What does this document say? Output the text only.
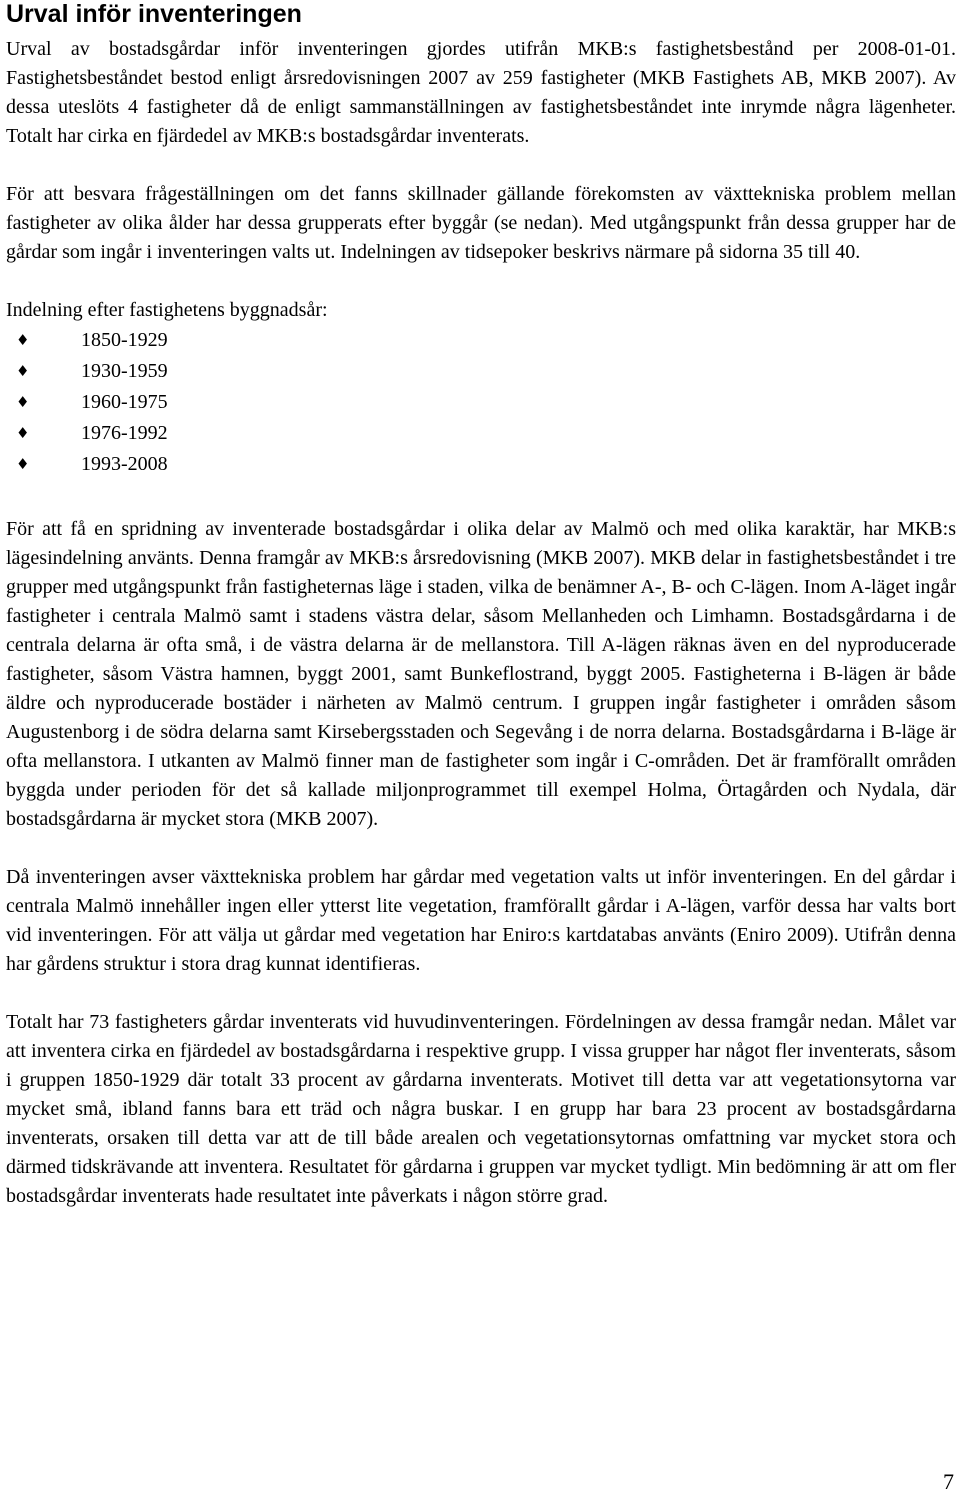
Urval inför inventeringen

Urval av bostadsgårdar inför inventeringen gjordes utifrån MKB:s fastighetsbestånd per 2008-01-01. Fastighetsbeståndet bestod enligt årsredovisningen 2007 av 259 fastigheter (MKB Fastighets AB, MKB 2007). Av dessa uteslöts 4 fastigheter då de enligt sammanställningen av fastighetsbeståndet inte inrymde några lägenheter. Totalt har cirka en fjärdedel av MKB:s bostadsgårdar inventerats.

För att besvara frågeställningen om det fanns skillnader gällande förekomsten av växttekniska problem mellan fastigheter av olika ålder har dessa grupperats efter byggår (se nedan). Med utgångspunkt från dessa grupper har de gårdar som ingår i inventeringen valts ut. Indelningen av tidsepoker beskrivs närmare på sidorna 35 till 40.

Indelning efter fastighetens byggnadsår:

♦	1850-1929
♦	1930-1959
♦	1960-1975
♦	1976-1992
♦	1993-2008

För att få en spridning av inventerade bostadsgårdar i olika delar av Malmö och med olika karaktär, har MKB:s lägesindelning använts. Denna framgår av MKB:s årsredovisning (MKB 2007). MKB delar in fastighetsbeståndet i tre grupper med utgångspunkt från fastigheternas läge i staden, vilka de benämner A-, B- och C-lägen. Inom A-läget ingår fastigheter i centrala Malmö samt i stadens västra delar, såsom Mellanheden och Limhamn. Bostadsgårdarna i de centrala delarna är ofta små, i de västra delarna är de mellanstora. Till A-lägen räknas även en del nyproducerade fastigheter, såsom Västra hamnen, byggt 2001, samt Bunkeflostrand, byggt 2005. Fastigheterna i B-lägen är både äldre och nyproducerade bostäder i närheten av Malmö centrum. I gruppen ingår fastigheter i områden såsom Augustenborg i de södra delarna samt Kirsebergsstaden och Segevång i de norra delarna. Bostadsgårdarna i B-läge är ofta mellanstora. I utkanten av Malmö finner man de fastigheter som ingår i C-områden. Det är framförallt områden byggda under perioden för det så kallade miljonprogrammet till exempel Holma, Örtagården och Nydala, där bostadsgårdarna är mycket stora (MKB 2007).

Då inventeringen avser växttekniska problem har gårdar med vegetation valts ut inför inventeringen. En del gårdar i centrala Malmö innehåller ingen eller ytterst lite vegetation, framförallt gårdar i A-lägen, varför dessa har valts bort vid inventeringen. För att välja ut gårdar med vegetation har Eniro:s kartdatabas använts (Eniro 2009). Utifrån denna har gårdens struktur i stora drag kunnat identifieras.

Totalt har 73 fastigheters gårdar inventerats vid huvudinventeringen. Fördelningen av dessa framgår nedan. Målet var att inventera cirka en fjärdedel av bostadsgårdarna i respektive grupp. I vissa grupper har något fler inventerats, såsom i gruppen 1850-1929 där totalt 33 procent av gårdarna inventerats. Motivet till detta var att vegetationsytorna var mycket små, ibland fanns bara ett träd och några buskar. I en grupp har bara 23 procent av bostadsgårdarna inventerats, orsaken till detta var att de till både arealen och vegetationsytornas omfattning var mycket stora och därmed tidskrävande att inventera. Resultatet för gårdarna i gruppen var mycket tydligt. Min bedömning är att om fler bostadsgårdar inventerats hade resultatet inte påverkats i någon större grad.

7
